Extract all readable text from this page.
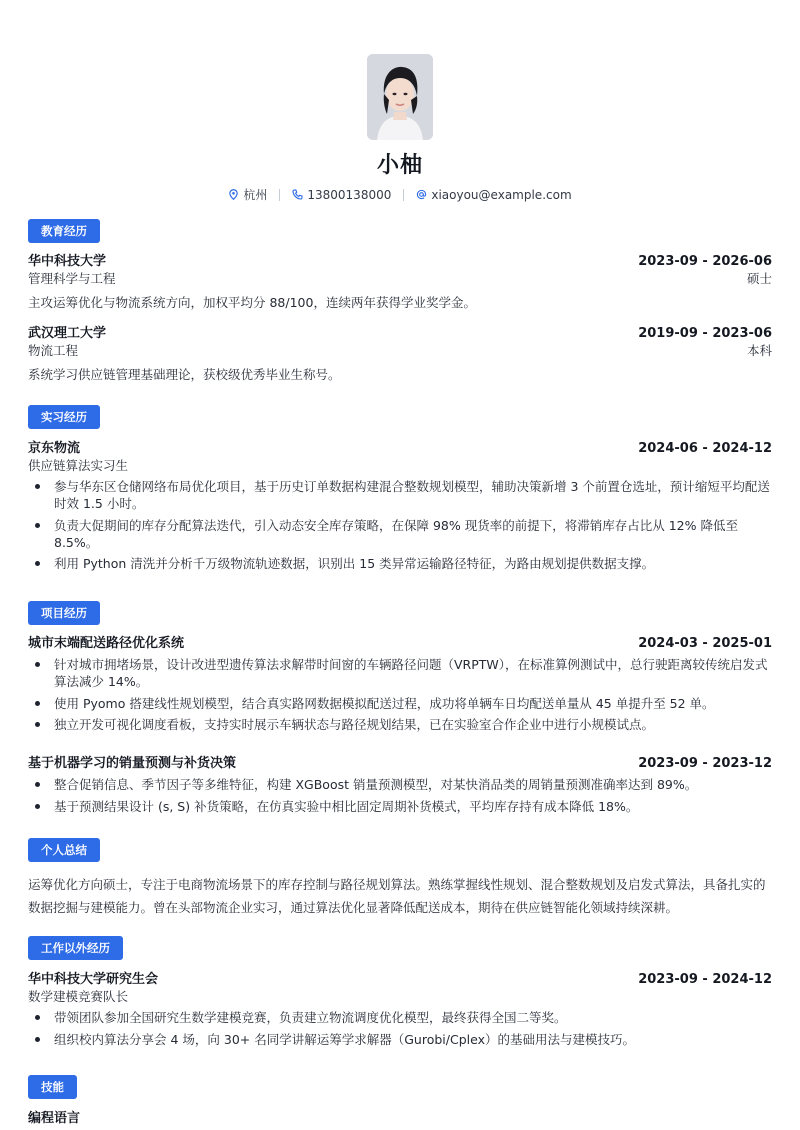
小柚
杭州	13800138000	xiaoyou@example.com
教育经历
华中科技大学	2023-09 - 2026-06
管理科学与工程	硕士
主攻运筹优化与物流系统方向，加权平均分 88/100，连续两年获得学业奖学金。
武汉理工大学	2019-09 - 2023-06
物流工程	本科
系统学习供应链管理基础理论，获校级优秀毕业生称号。
实习经历
京东物流	2024-06 - 2024-12
供应链算法实习生
参与华东区仓储网络布局优化项目，基于历史订单数据构建混合整数规划模型，辅助决策新增 3 个前置仓选址，预计缩短平均配送时效 1.5 小时。
负责大促期间的库存分配算法迭代，引入动态安全库存策略，在保障 98% 现货率的前提下，将滞销库存占比从 12% 降低至 8.5%。
利用 Python 清洗并分析千万级物流轨迹数据，识别出 15 类异常运输路径特征，为路由规划提供数据支撑。
项目经历
城市末端配送路径优化系统	2024-03 - 2025-01
针对城市拥堵场景，设计改进型遗传算法求解带时间窗的车辆路径问题（VRPTW），在标准算例测试中，总行驶距离较传统启发式算法减少 14%。
使用 Pyomo 搭建线性规划模型，结合真实路网数据模拟配送过程，成功将单辆车日均配送单量从 45 单提升至 52 单。
独立开发可视化调度看板，支持实时展示车辆状态与路径规划结果，已在实验室合作企业中进行小规模试点。
基于机器学习的销量预测与补货决策	2023-09 - 2023-12
整合促销信息、季节因子等多维特征，构建 XGBoost 销量预测模型，对某快消品类的周销量预测准确率达到 89%。
基于预测结果设计 (s, S) 补货策略，在仿真实验中相比固定周期补货模式，平均库存持有成本降低 18%。
个人总结
运筹优化方向硕士，专注于电商物流场景下的库存控制与路径规划算法。熟练掌握线性规划、混合整数规划及启发式算法，具备扎实的数据挖掘与建模能力。曾在头部物流企业实习，通过算法优化显著降低配送成本，期待在供应链智能化领域持续深耕。
工作以外经历
华中科技大学研究生会	2023-09 - 2024-12
数学建模竞赛队长
带领团队参加全国研究生数学建模竞赛，负责建立物流调度优化模型，最终获得全国二等奖。
组织校内算法分享会 4 场，向 30+ 名同学讲解运筹学求解器（Gurobi/Cplex）的基础用法与建模技巧。
技能
编程语言
